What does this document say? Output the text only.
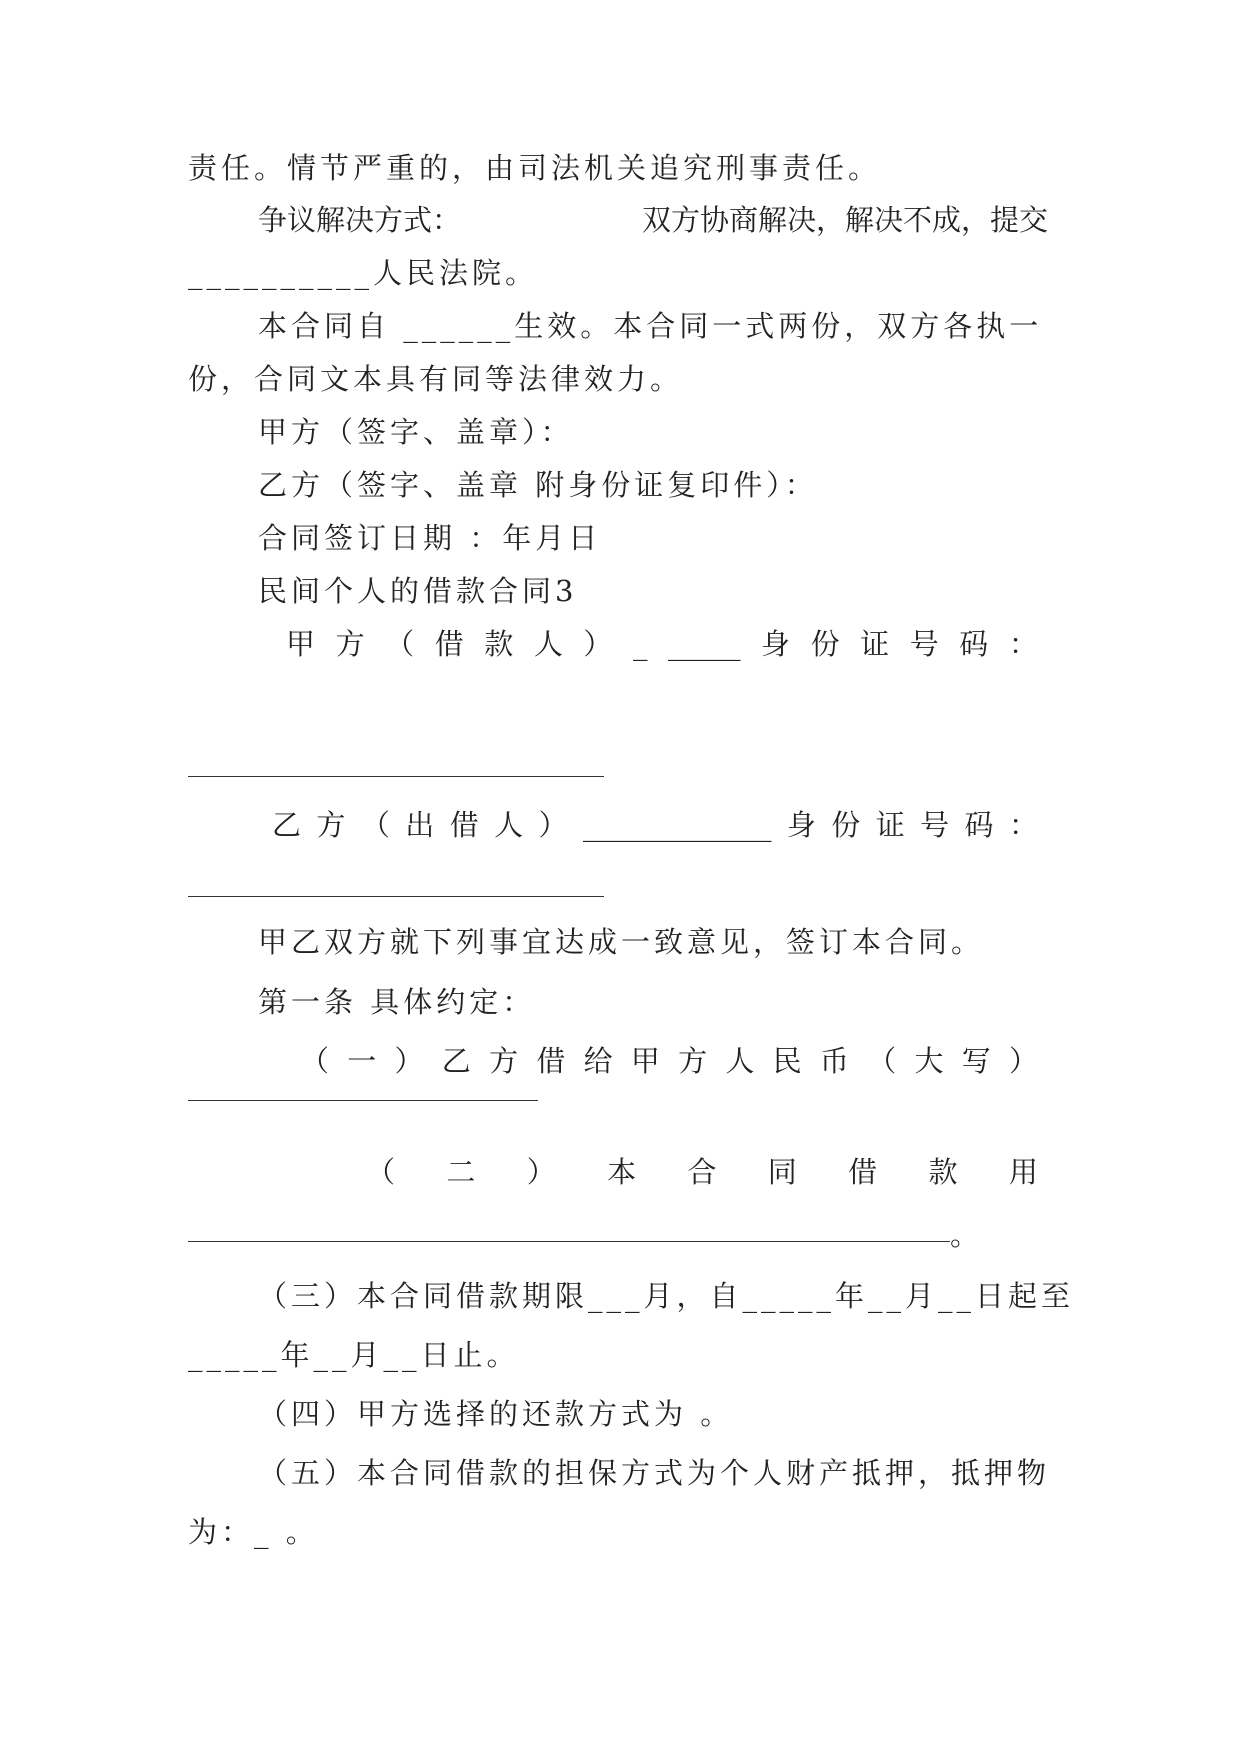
责任。情节严重的，由司法机关追究刑事责任。
争议解决方式：	双方协商解决，解决不成，提交
__________人民法院。
本合同自 ______生效。本合同一式两份，双方各执一
份，合同文本具有同等法律效力。
甲方（签字、盖章）：
乙方（签字、盖章 附身份证复印件）：
合同签订日期 ：年月日
民间个人的借款合同3
甲 方 （ 借 款 人 ） _ _____ 身 份 证 号 码 ：
乙 方 （ 出 借 人 ） _____________ 身 份 证 号 码 ：
甲乙双方就下列事宜达成一致意见，签订本合同。
第一条 具体约定：
（ 一 ） 乙 方 借 给 甲 方 人 民 币 （ 大 写 ）
（ 二 ） 本 合 同 借 款 用
。
（三）本合同借款期限___月，自_____年__月__日起至
_____年__月__日止。
（四）甲方选择的还款方式为 。
（五）本合同借款的担保方式为个人财产抵押，抵押物
为：_ 。
